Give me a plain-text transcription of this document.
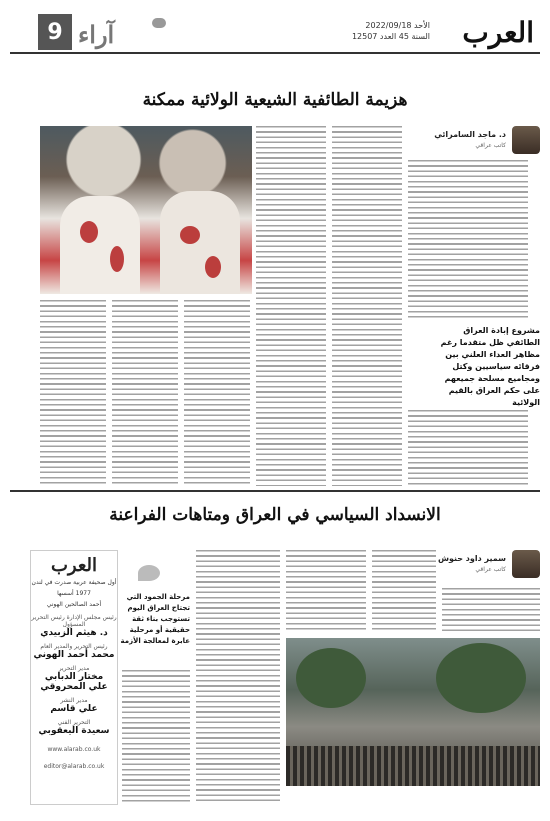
العرب
الأحد 2022/09/18
السنة 45 العدد 12507
آراء
9
هزيمة الطائفية الشيعية الولائية ممكنة
د. ماجد السامرائي
كاتب عراقي
مشروع إبادة العراق الطائفي ظل متقدما رغم مظاهر العداء العلني بين فرقائه سياسيين وكتل ومجاميع مسلحة جميعهم على حكم العراق بالقيم الولائية
الانسداد السياسي في العراق ومتاهات الفراعنة
العرب
أول صحيفة عربية صدرت في لندن
1977 أسسها
أحمد الصالحين الهوني
رئيس مجلس الإدارة رئيس التحرير المسؤول
د. هيثم الزبيدي
رئيس التحرير والمدير العام
محمد أحمد الهوني
مدير التحرير
مختار الدبابي
علي المحروقي
مدير النشر
علي قاسم
التحرير الفني
سعيدة اليعقوبي
www.alarab.co.uk
editor@alarab.co.uk
سمير داود حنوش
كاتب عراقي
مرحلة الجمود التي تجتاح العراق اليوم تستوجب بناء ثقة حقيقية أو مرحلية عابرة لمعالجة الأزمة
